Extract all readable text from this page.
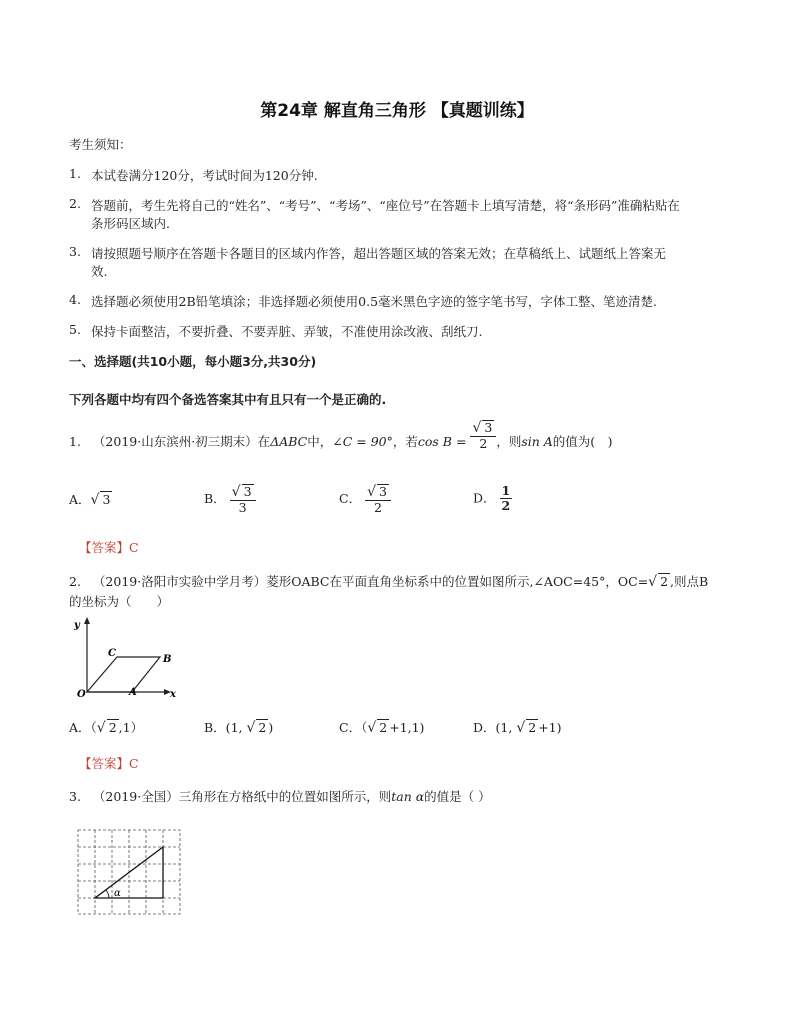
第24章 解直角三角形 【真题训练】
考生须知：
1. 本试卷满分120分，考试时间为120分钟.
2. 答题前，考生先将自己的“姓名”、“考号”、“考场”、“座位号”在答题卡上填写清楚，将“条形码”准确粘贴在
条形码区域内.
3. 请按照题号顺序在答题卡各题目的区域内作答，超出答题区域的答案无效；在草稿纸上、试题纸上答案无
效.
4. 选择题必须使用2B铅笔填涂；非选择题必须使用0.5毫米黑色字迹的签字笔书写，字体工整、笔迹清楚.
5. 保持卡面整洁，不要折叠、不要弄脏、弄皱，不准使用涂改液、刮纸刀.
一、选择题(共10小题，每小题3分,共30分)
下列各题中均有四个备选答案其中有且只有一个是正确的.
1. （2019·山东滨州·初三期末）在ΔABC中，∠C = 90°，若$\cos B = \frac{√ 3}{2}$ ，则sin A的值为(　)
A．√ 3	B． $\frac{√ 3}{3}$	C． $\frac{√ 3}{2}$	D． $\frac{1}{2}$
【答案】C
2. （2019·洛阳市实验中学月考）菱形OABC在平面直角坐标系中的位置如图所示,∠AOC=45°，OC=√ 2 ,则点B
的坐标为（　　）
y
x
O	A
B
C
A．（√ 2 ,1）	B．(1, √ 2 )	C．（√ 2 +1,1)	D．(1, √ 2 +1)
【答案】C
3. （2019·全国）三角形在方格纸中的位置如图所示，则tan α的值是（ ）
α
